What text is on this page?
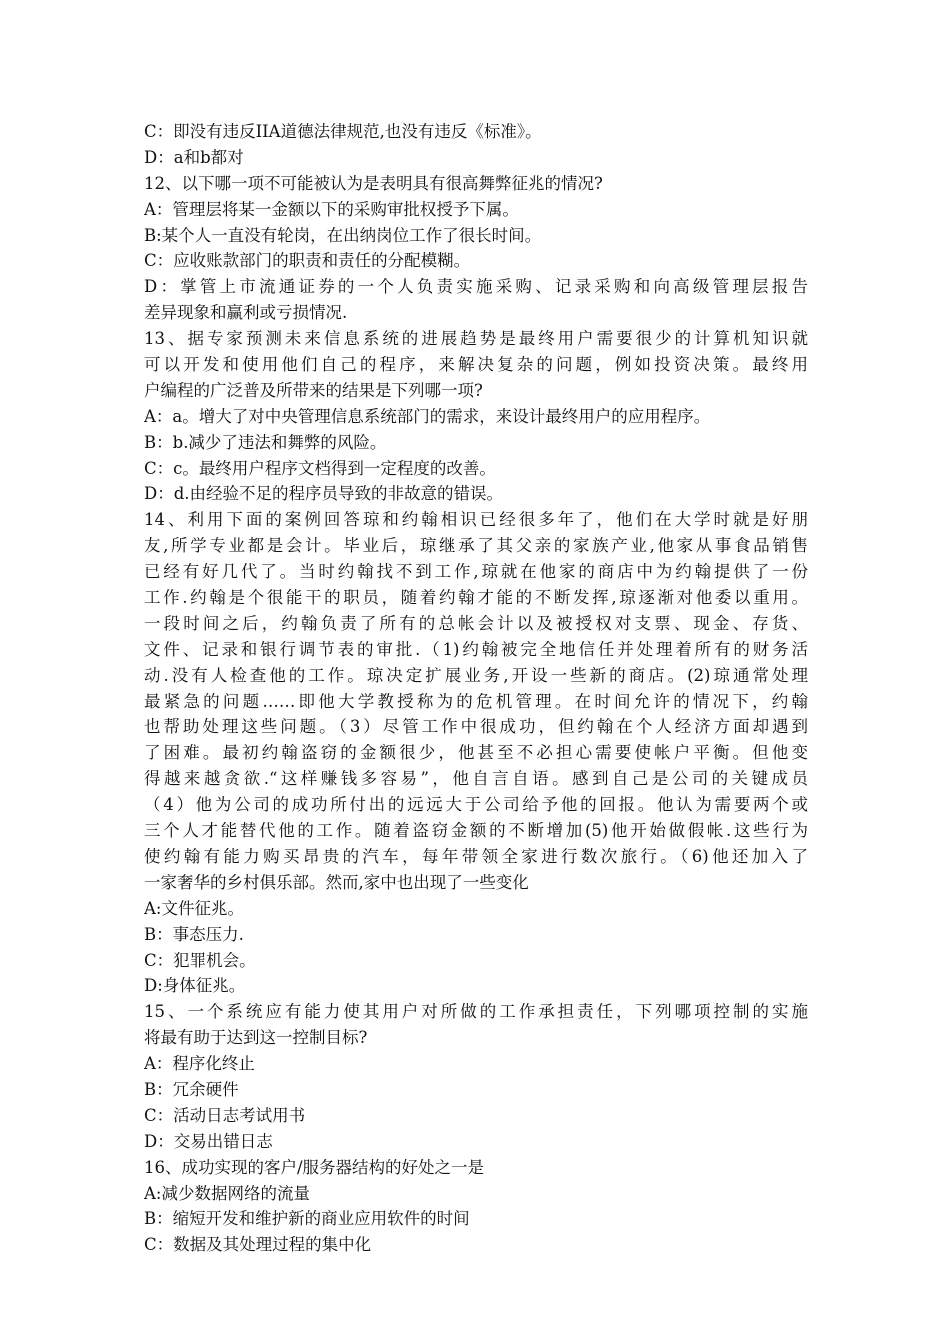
C：即没有违反IIA道德法律规范,也没有违反《标准》。
D：a和b都对
12、以下哪一项不可能被认为是表明具有很高舞弊征兆的情况?
A：管理层将某一金额以下的采购审批权授予下属。
B:某个人一直没有轮岗，在出纳岗位工作了很长时间。
C：应收账款部门的职责和责任的分配模糊。
D：掌管上市流通证券的一个人负责实施采购、记录采购和向高级管理层报告
差异现象和赢利或亏损情况.
13、据专家预测未来信息系统的进展趋势是最终用户需要很少的计算机知识就
可以开发和使用他们自己的程序，来解决复杂的问题，例如投资决策。最终用
户编程的广泛普及所带来的结果是下列哪一项?
A：a。增大了对中央管理信息系统部门的需求，来设计最终用户的应用程序。
B：b.减少了违法和舞弊的风险。
C：c。最终用户程序文档得到一定程度的改善。
D：d.由经验不足的程序员导致的非故意的错误。
14、利用下面的案例回答琼和约翰相识已经很多年了，他们在大学时就是好朋
友,所学专业都是会计。毕业后，琼继承了其父亲的家族产业,他家从事食品销售
已经有好几代了。当时约翰找不到工作,琼就在他家的商店中为约翰提供了一份
工作.约翰是个很能干的职员，随着约翰才能的不断发挥,琼逐渐对他委以重用。
一段时间之后，约翰负责了所有的总帐会计以及被授权对支票、现金、存货、
文件、记录和银行调节表的审批.（1)约翰被完全地信任并处理着所有的财务活
动.没有人检查他的工作。琼决定扩展业务,开设一些新的商店。(2)琼通常处理
最紧急的问题……即他大学教授称为的危机管理。在时间允许的情况下，约翰
也帮助处理这些问题。（3）尽管工作中很成功，但约翰在个人经济方面却遇到
了困难。最初约翰盗窃的金额很少，他甚至不必担心需要使帐户平衡。但他变
得越来越贪欲.“这样赚钱多容易”，他自言自语。感到自己是公司的关键成员
（4）他为公司的成功所付出的远远大于公司给予他的回报。他认为需要两个或
三个人才能替代他的工作。随着盗窃金额的不断增加(5)他开始做假帐.这些行为
使约翰有能力购买昂贵的汽车，每年带领全家进行数次旅行。（6)他还加入了
一家奢华的乡村俱乐部。然而,家中也出现了一些变化
A:文件征兆。
B：事态压力.
C：犯罪机会。
D:身体征兆。
15、一个系统应有能力使其用户对所做的工作承担责任，下列哪项控制的实施
将最有助于达到这一控制目标?
A：程序化终止
B：冗余硬件
C：活动日志考试用书
D：交易出错日志
16、成功实现的客户/服务器结构的好处之一是
A:减少数据网络的流量
B：缩短开发和维护新的商业应用软件的时间
C：数据及其处理过程的集中化
